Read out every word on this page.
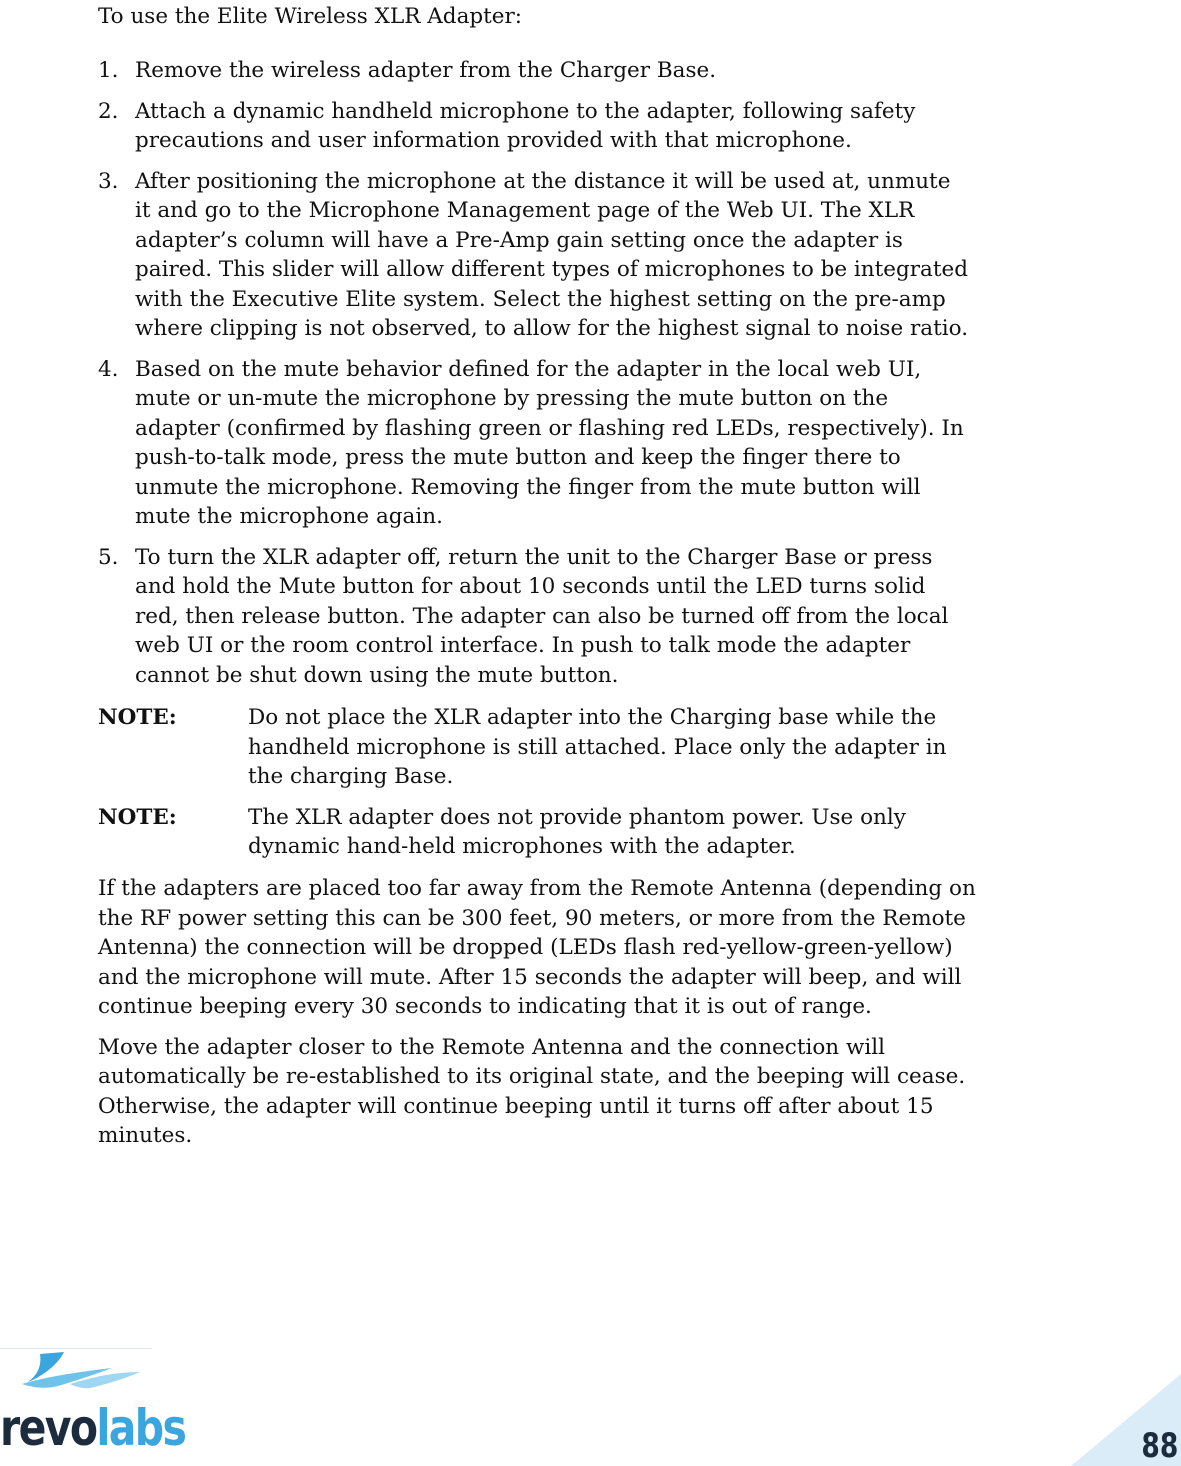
To use the Elite Wireless XLR Adapter:

1. Remove the wireless adapter from the Charger Base.
2. Attach a dynamic handheld microphone to the adapter, following safety
precautions and user information provided with that microphone.
3. After positioning the microphone at the distance it will be used at, unmute
it and go to the Microphone Management page of the Web UI. The XLR
adapter’s column will have a Pre-Amp gain setting once the adapter is
paired. This slider will allow different types of microphones to be integrated
with the Executive Elite system. Select the highest setting on the pre-amp
where clipping is not observed, to allow for the highest signal to noise ratio.
4. Based on the mute behavior defined for the adapter in the local web UI,
mute or un-mute the microphone by pressing the mute button on the
adapter (confirmed by flashing green or flashing red LEDs, respectively). In
push-to-talk mode, press the mute button and keep the finger there to
unmute the microphone. Removing the finger from the mute button will
mute the microphone again.
5. To turn the XLR adapter off, return the unit to the Charger Base or press
and hold the Mute button for about 10 seconds until the LED turns solid
red, then release button. The adapter can also be turned off from the local
web UI or the room control interface. In push to talk mode the adapter
cannot be shut down using the mute button.
NOTE:	Do not place the XLR adapter into the Charging base while the
handheld microphone is still attached. Place only the adapter in
the charging Base.
NOTE:	The XLR adapter does not provide phantom power. Use only
dynamic hand-held microphones with the adapter.

If the adapters are placed too far away from the Remote Antenna (depending on
the RF power setting this can be 300 feet, 90 meters, or more from the Remote
Antenna) the connection will be dropped (LEDs flash red-yellow-green-yellow)
and the microphone will mute. After 15 seconds the adapter will beep, and will
continue beeping every 30 seconds to indicating that it is out of range.

Move the adapter closer to the Remote Antenna and the connection will
automatically be re-established to its original state, and the beeping will cease.
Otherwise, the adapter will continue beeping until it turns off after about 15
minutes.

revolabs	88
